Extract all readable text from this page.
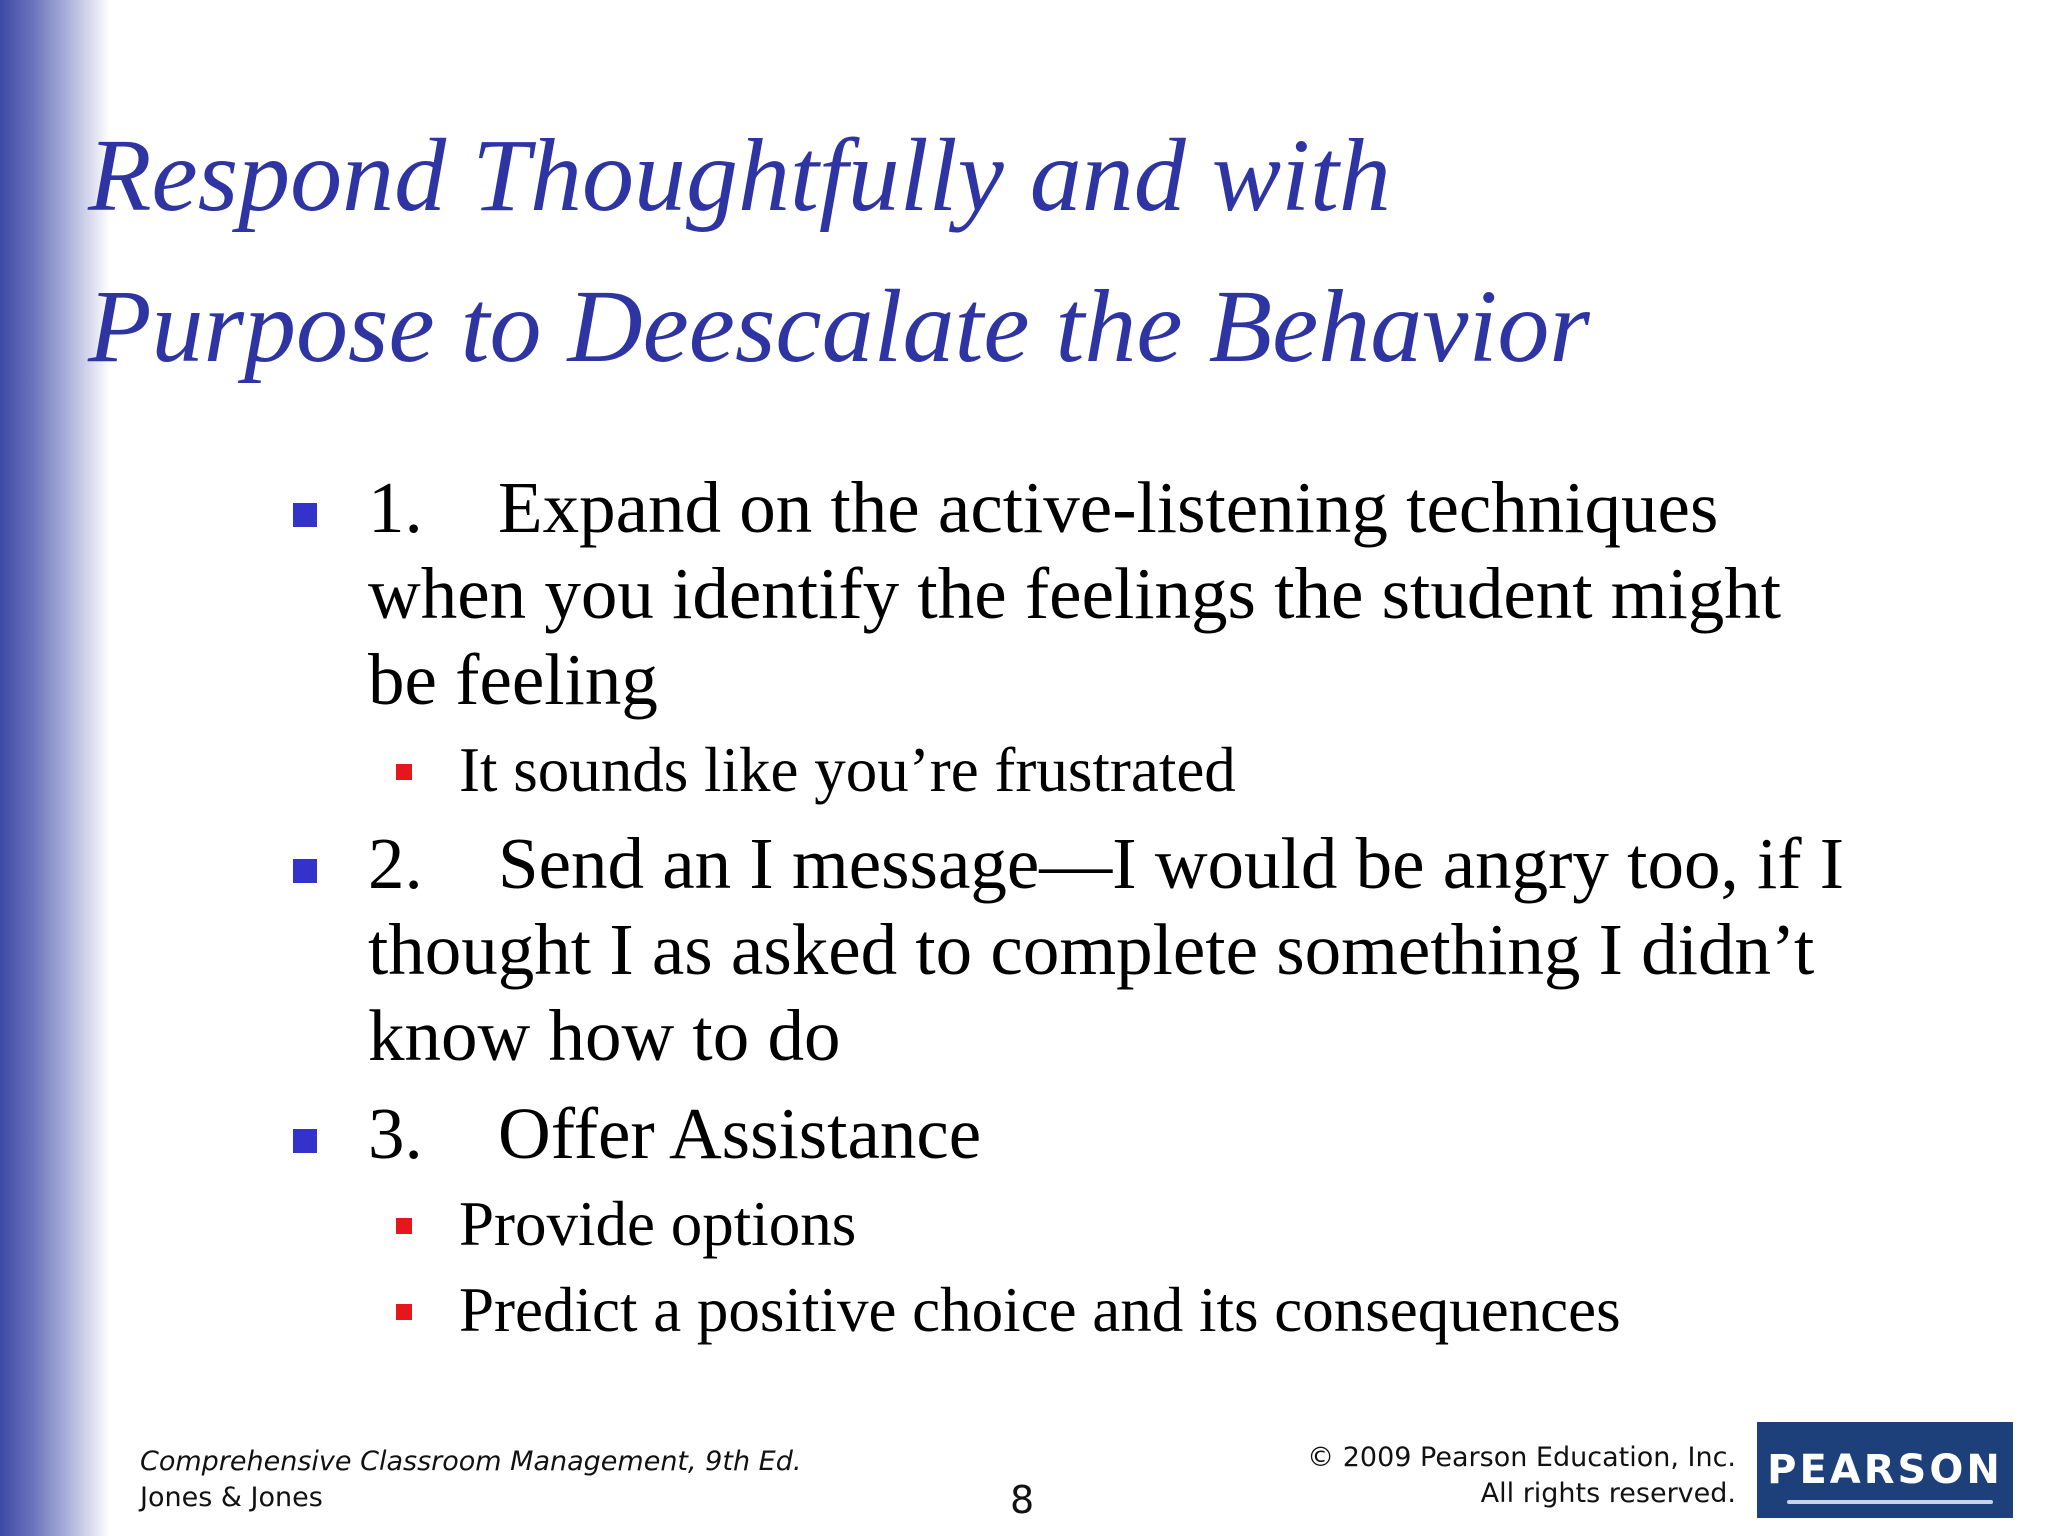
Respond Thoughtfully and with
Purpose to Deescalate the Behavior
1. Expand on the active-listening techniques
when you identify the feelings the student might
be feeling
It sounds like you’re frustrated
2. Send an I message—I would be angry too, if I
thought I as asked to complete something I didn’t
know how to do
3. Offer Assistance
Provide options
Predict a positive choice and its consequences
Comprehensive Classroom Management, 9th Ed.
Jones & Jones	8
© 2009 Pearson Education, Inc.
All rights reserved.
PEARSON
